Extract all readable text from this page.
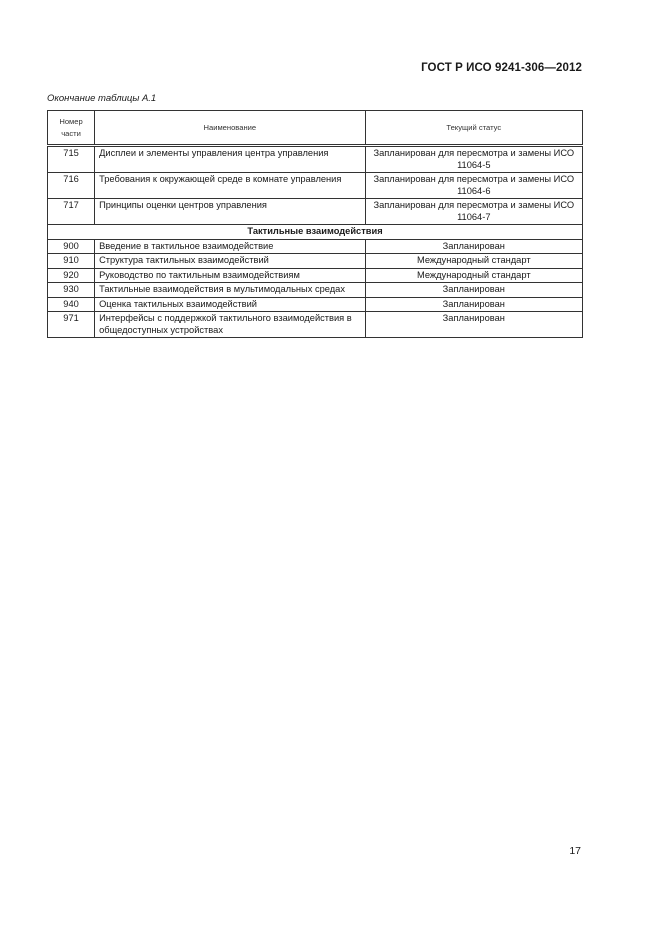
ГОСТ Р ИСО 9241-306—2012
Окончание таблицы А.1
Номер
части	Наименование	Текущий статус
715	Дисплеи и элементы управления центра управления	Запланирован для пересмотра и замены ИСО 11064-5
716	Требования к окружающей среде в комнате управления	Запланирован для пересмотра и замены ИСО 11064-6
717	Принципы оценки центров управления	Запланирован для пересмотра и замены ИСО 11064-7
Тактильные взаимодействия		
900	Введение в тактильное взаимодействие	Запланирован
910	Структура тактильных взаимодействий	Международный стандарт
920	Руководство по тактильным взаимодействиям	Международный стандарт
930	Тактильные взаимодействия в мультимодальных средах	Запланирован
940	Оценка тактильных взаимодействий	Запланирован
971	Интерфейсы с поддержкой тактильного взаимодействия в общедоступных устройствах	Запланирован
17
